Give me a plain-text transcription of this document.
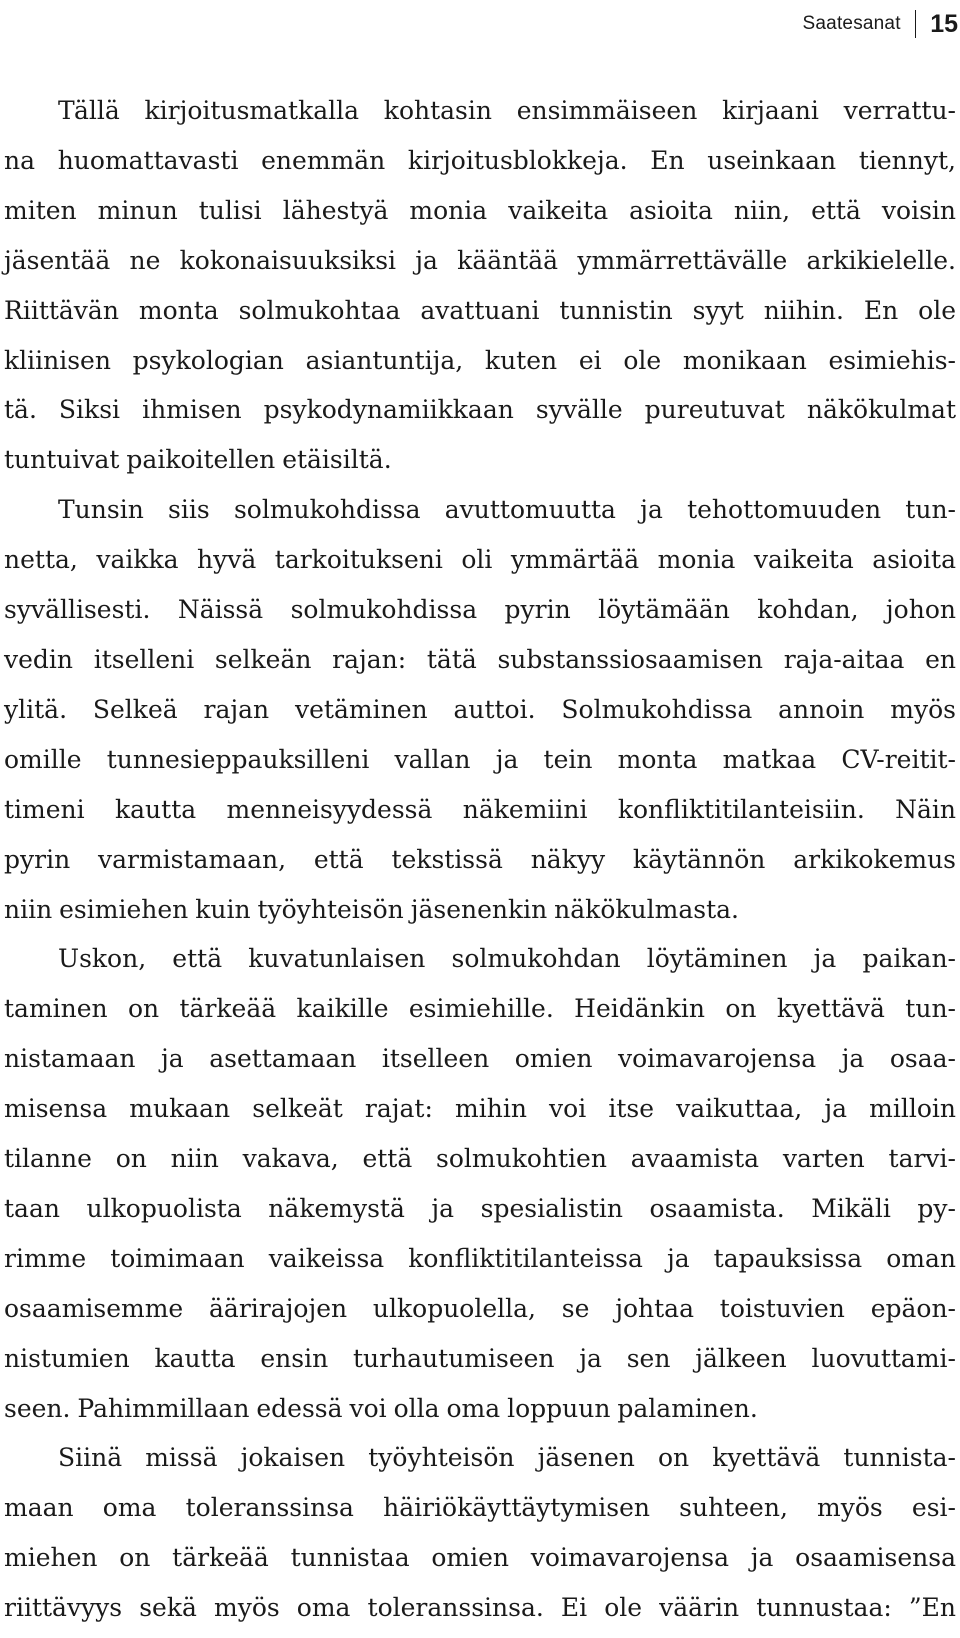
Saatesanat	15

Tällä kirjoitusmatkalla kohtasin ensimmäiseen kirjaani verrattu-
na huomattavasti enemmän kirjoitusblokkeja. En useinkaan tiennyt,
miten minun tulisi lähestyä monia vaikeita asioita niin, että voisin
jäsentää ne kokonaisuuksiksi ja kääntää ymmärrettävälle arkikielelle.
Riittävän monta solmukohtaa avattuani tunnistin syyt niihin. En ole
kliinisen psykologian asiantuntija, kuten ei ole monikaan esimiehis-
tä. Siksi ihmisen psykodynamiikkaan syvälle pureutuvat näkökulmat
tuntuivat paikoitellen etäisiltä.

Tunsin siis solmukohdissa avuttomuutta ja tehottomuuden tun-
netta, vaikka hyvä tarkoitukseni oli ymmärtää monia vaikeita asioita
syvällisesti. Näissä solmukohdissa pyrin löytämään kohdan, johon
vedin itselleni selkeän rajan: tätä substanssiosaamisen raja-aitaa en
ylitä. Selkeä rajan vetäminen auttoi. Solmukohdissa annoin myös
omille tunnesieppauksilleni vallan ja tein monta matkaa CV-reitit-
timeni kautta menneisyydessä näkemiini konfliktitilanteisiin. Näin
pyrin varmistamaan, että tekstissä näkyy käytännön arkikokemus
niin esimiehen kuin työyhteisön jäsenenkin näkökulmasta.

Uskon, että kuvatunlaisen solmukohdan löytäminen ja paikan-
taminen on tärkeää kaikille esimiehille. Heidänkin on kyettävä tun-
nistamaan ja asettamaan itselleen omien voimavarojensa ja osaa-
misensa mukaan selkeät rajat: mihin voi itse vaikuttaa, ja milloin
tilanne on niin vakava, että solmukohtien avaamista varten tarvi-
taan ulkopuolista näkemystä ja spesialistin osaamista. Mikäli py-
rimme toimimaan vaikeissa konfliktitilanteissa ja tapauksissa oman
osaamisemme äärirajojen ulkopuolella, se johtaa toistuvien epäon-
nistumien kautta ensin turhautumiseen ja sen jälkeen luovuttami-
seen. Pahimmillaan edessä voi olla oma loppuun palaminen.

Siinä missä jokaisen työyhteisön jäsenen on kyettävä tunnista-
maan oma toleranssinsa häiriökäyttäytymisen suhteen, myös esi-
miehen on tärkeää tunnistaa omien voimavarojensa ja osaamisensa
riittävyys sekä myös oma toleranssinsa. Ei ole väärin tunnustaa: ”En
